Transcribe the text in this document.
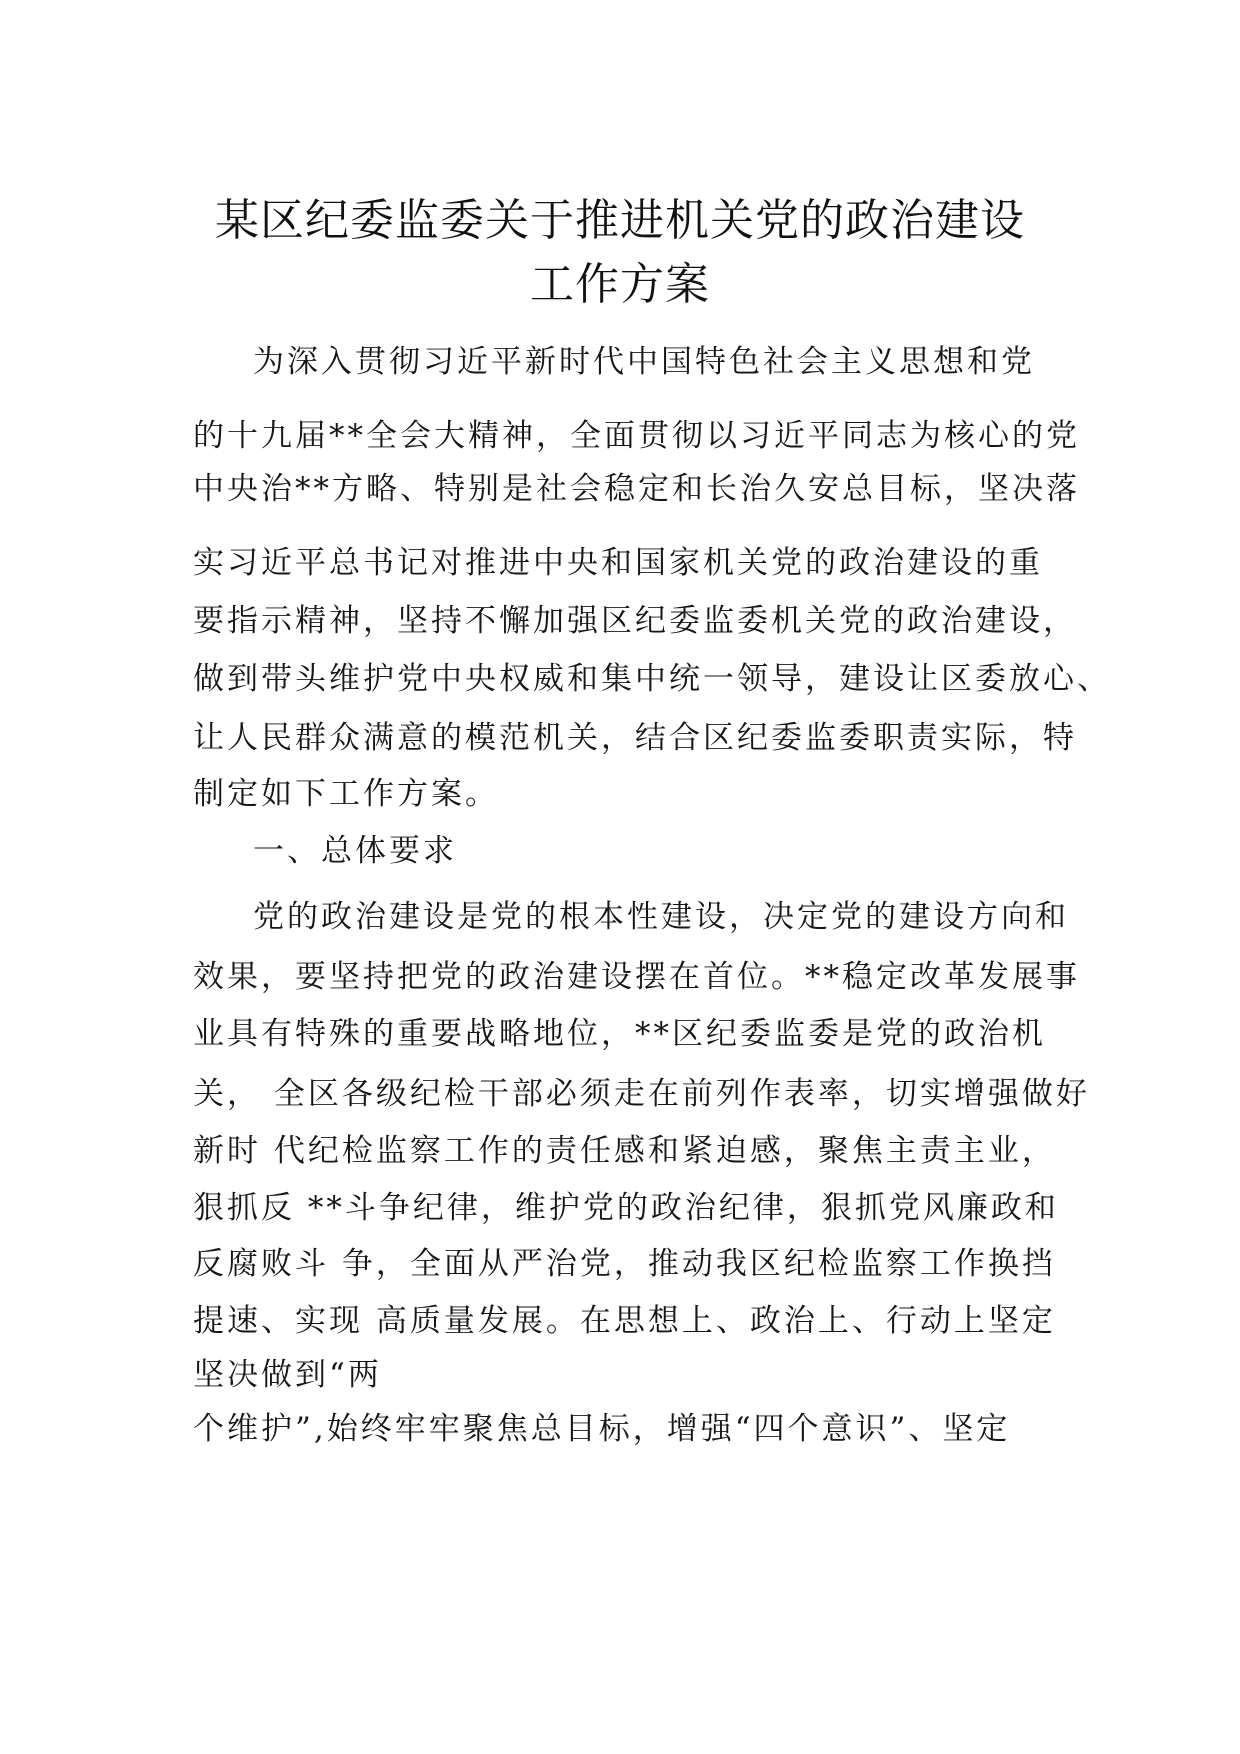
某区纪委监委关于推进机关党的政治建设
工作方案
为深入贯彻习近平新时代中国特色社会主义思想和党
的十九届**全会大精神，全面贯彻以习近平同志为核心的党
中央治**方略、特别是社会稳定和长治久安总目标，坚决落
实习近平总书记对推进中央和国家机关党的政治建设的重
要指示精神，坚持不懈加强区纪委监委机关党的政治建设，
做到带头维护党中央权威和集中统一领导，建设让区委放心、
让人民群众满意的模范机关，结合区纪委监委职责实际，特
制定如下工作方案。
一、总体要求
党的政治建设是党的根本性建设，决定党的建设方向和
效果，要坚持把党的政治建设摆在首位。**稳定改革发展事
业具有特殊的重要战略地位，**区纪委监委是党的政治机
关， 全区各级纪检干部必须走在前列作表率，切实增强做好
新时 代纪检监察工作的责任感和紧迫感，聚焦主责主业，
狠抓反 **斗争纪律，维护党的政治纪律，狠抓党风廉政和
反腐败斗 争，全面从严治党，推动我区纪检监察工作换挡
提速、实现 高质量发展。在思想上、政治上、行动上坚定
坚决做到“两
个维护”,始终牢牢聚焦总目标，增强“四个意识”、坚定
